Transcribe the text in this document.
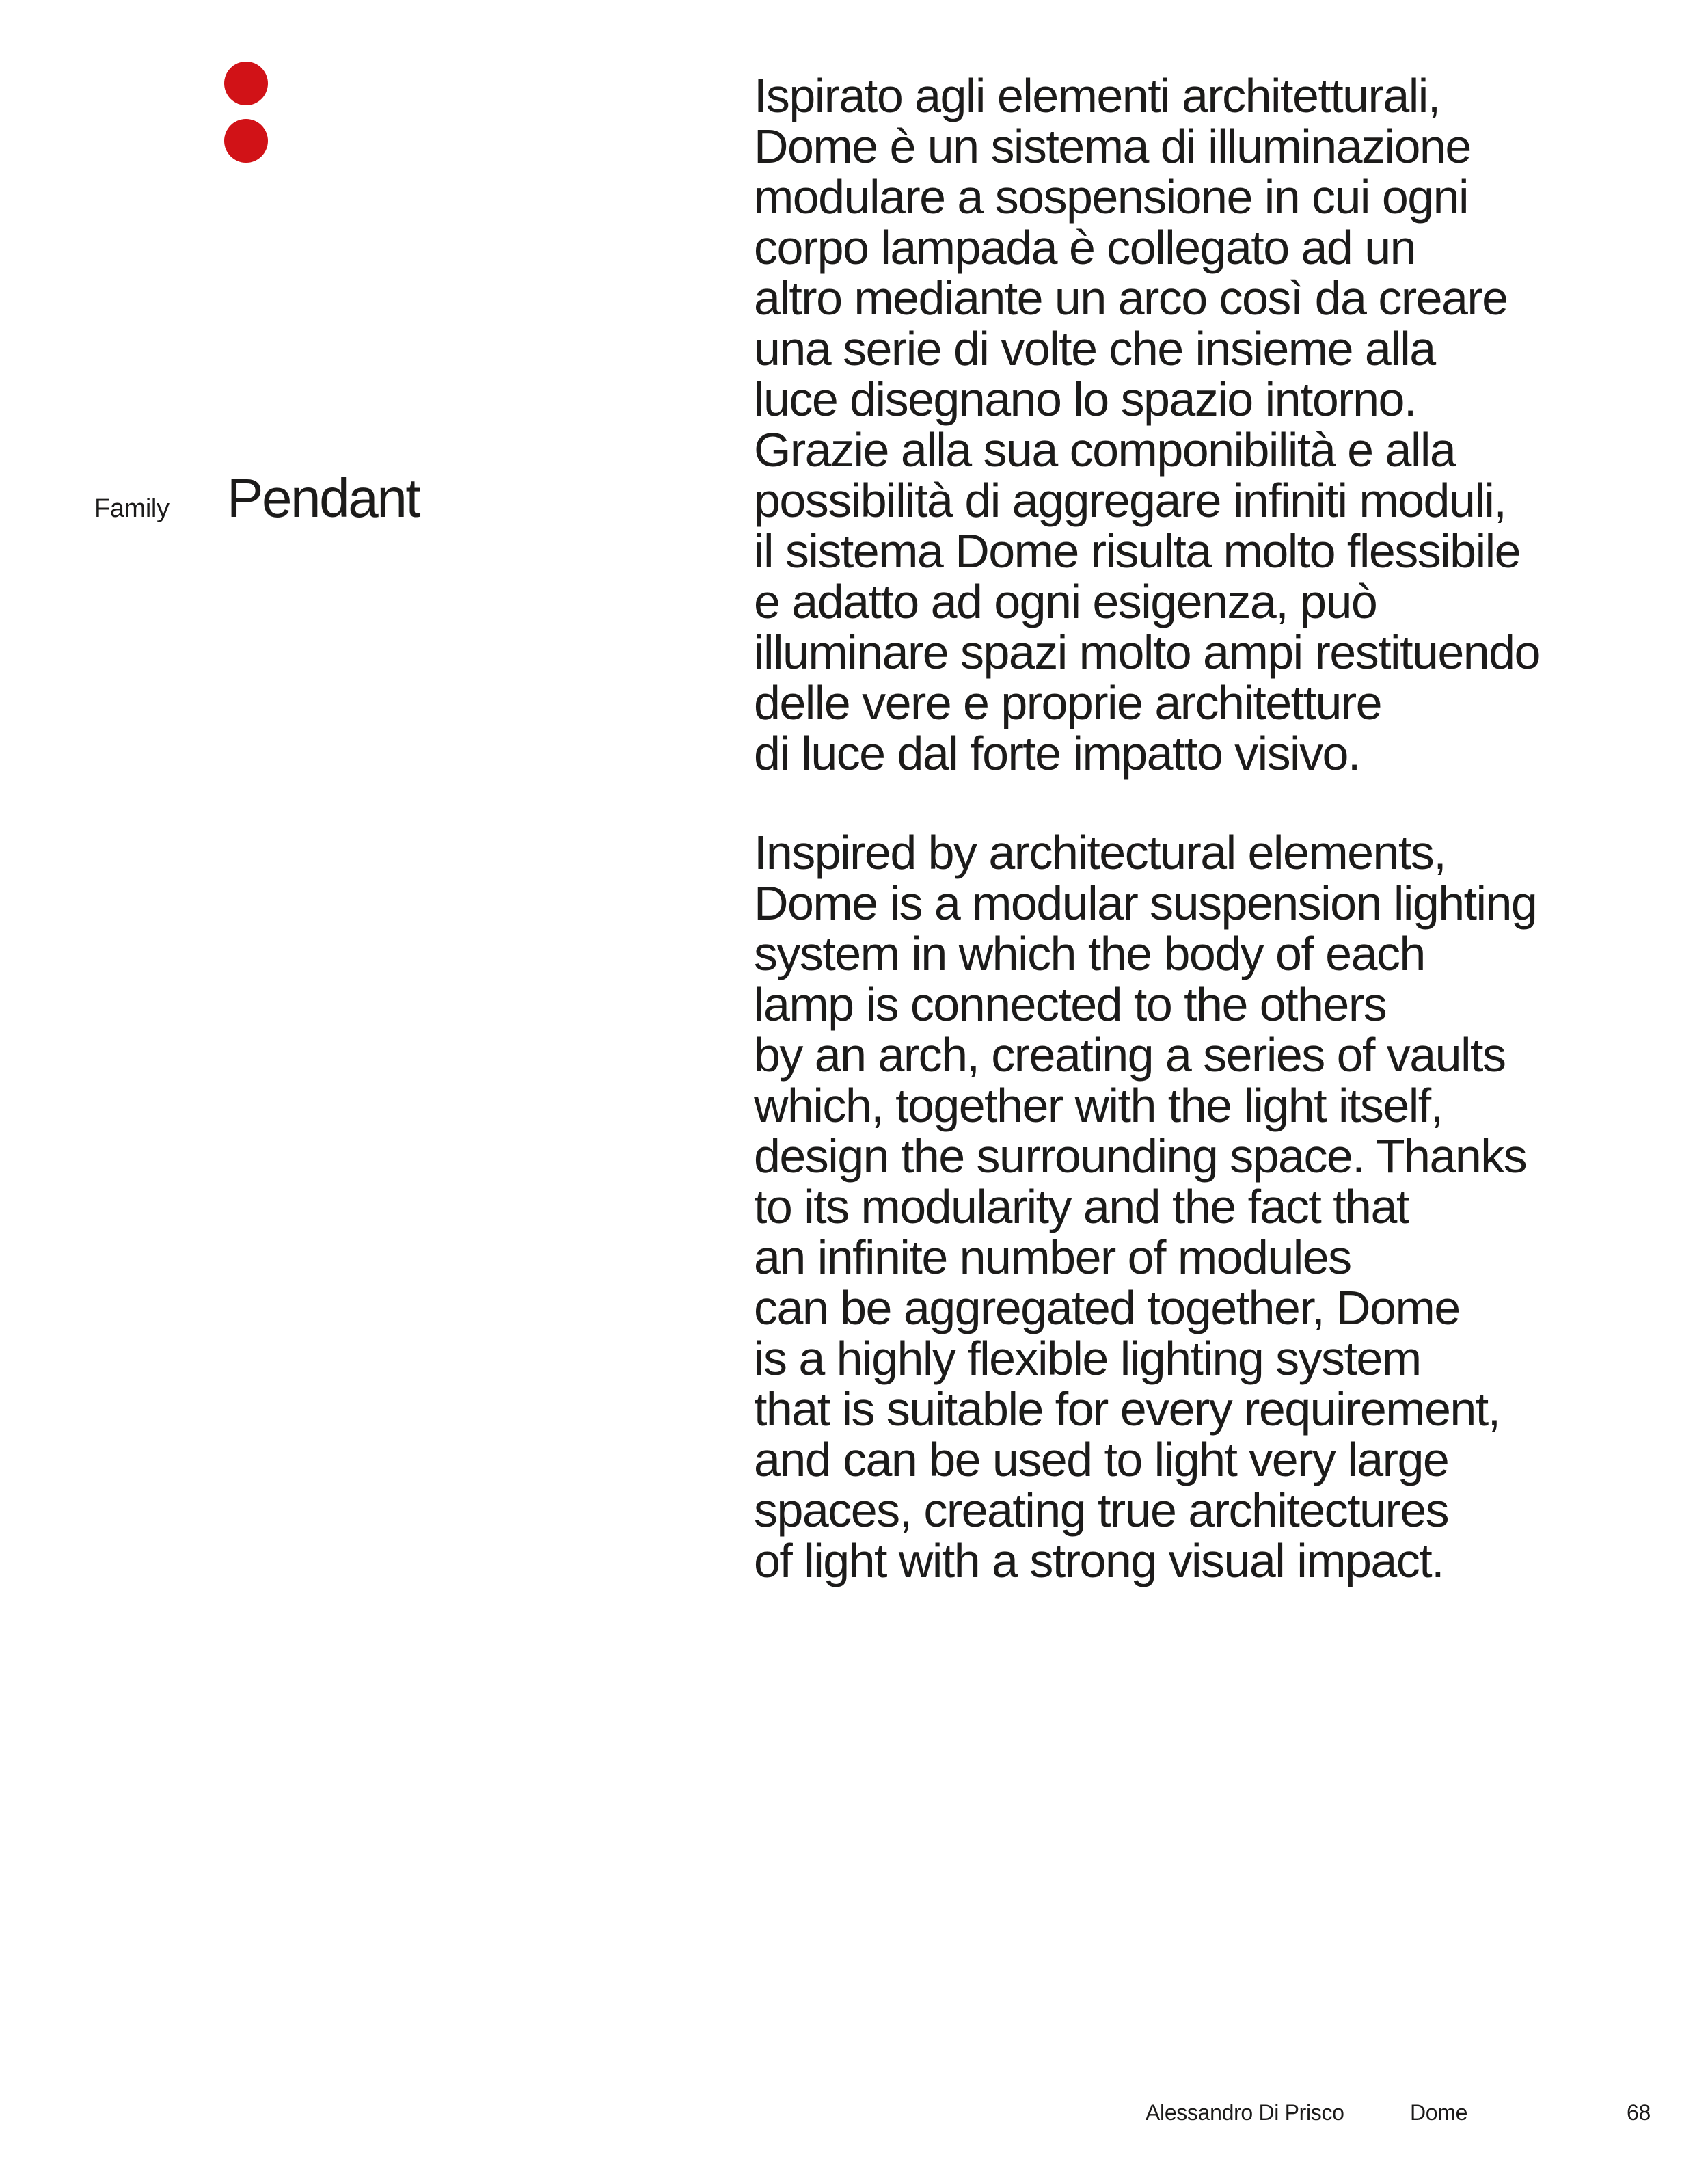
Family Pendant
Ispirato agli elementi architetturali,
Dome è un sistema di illuminazione
modulare a sospensione in cui ogni
corpo lampada è collegato ad un
altro mediante un arco così da creare
una serie di volte che insieme alla
luce disegnano lo spazio intorno.
Grazie alla sua componibilità e alla
possibilità di aggregare infiniti moduli,
il sistema Dome risulta molto flessibile
e adatto ad ogni esigenza, può
illuminare spazi molto ampi restituendo
delle vere e proprie architetture
di luce dal forte impatto visivo.
Inspired by architectural elements,
Dome is a modular suspension lighting
system in which the body of each
lamp is connected to the others
by an arch, creating a series of vaults
which, together with the light itself,
design the surrounding space. Thanks
to its modularity and the fact that
an infinite number of modules
can be aggregated together, Dome
is a highly flexible lighting system
that is suitable for every requirement,
and can be used to light very large
spaces, creating true architectures
of light with a strong visual impact.
Alessandro Di Prisco	Dome	68
